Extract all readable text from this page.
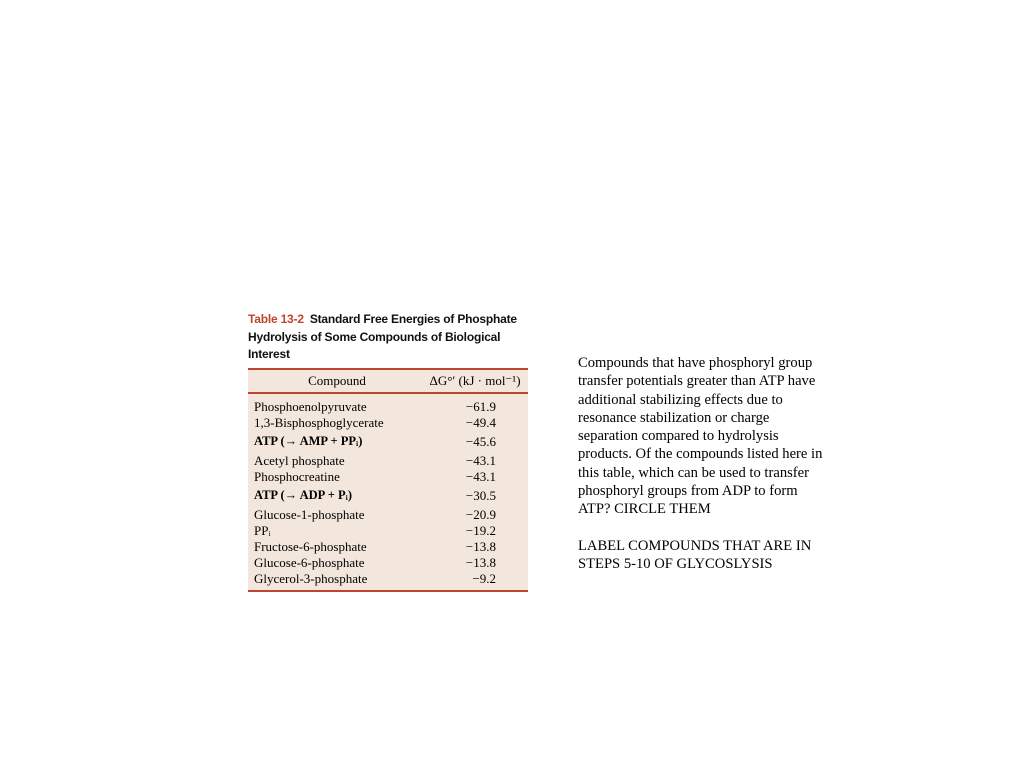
Table 13-2 Standard Free Energies of Phosphate Hydrolysis of Some Compounds of Biological Interest
Compound	ΔG°′ (kJ · mol⁻¹)
Phosphoenolpyruvate	−61.9
1,3-Bisphosphoglycerate	−49.4
ATP (→ AMP + PPᵢ)	−45.6
Acetyl phosphate	−43.1
Phosphocreatine	−43.1
ATP (→ ADP + Pᵢ)	−30.5
Glucose-1-phosphate	−20.9
PPᵢ	−19.2
Fructose-6-phosphate	−13.8
Glucose-6-phosphate	−13.8
Glycerol-3-phosphate	−9.2

Compounds that have phosphoryl group transfer potentials greater than ATP have additional stabilizing effects due to resonance stabilization or charge separation compared to hydrolysis products. Of the compounds listed here in this table, which can be used to transfer phosphoryl groups from ADP to form ATP? CIRCLE THEM

LABEL COMPOUNDS THAT ARE IN STEPS 5-10 OF GLYCOSLYSIS
